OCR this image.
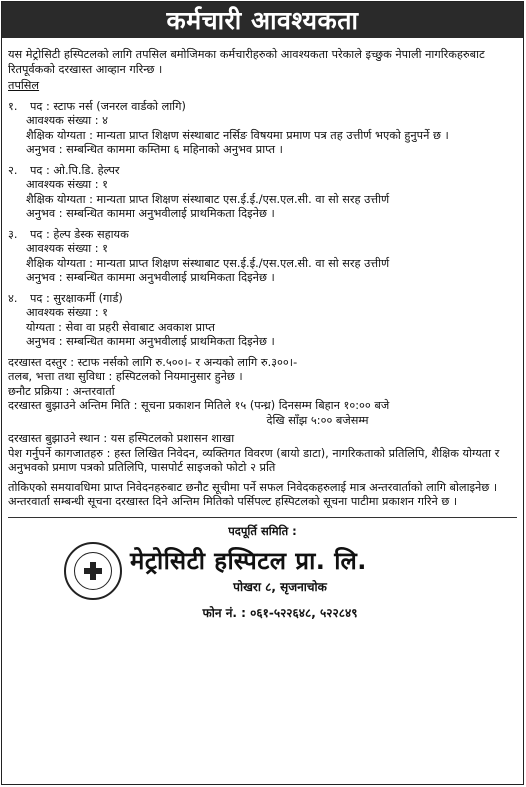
कर्मचारी आवश्यकता
यस मेट्रोसिटी हस्पिटलको लागि तपसिल बमोजिमका कर्मचारीहरुको आवश्यकता परेकाले इच्छुक नेपाली नागरिकहरुबाट रितपूर्वकको दरखास्त आव्हान गरिन्छ ।
तपसिल
१.	पद : स्टाफ नर्स (जनरल वार्डको लागि)
आवश्यक संख्या :
४
शैक्षिक योग्यता :
मान्यता प्राप्त शिक्षण संस्थाबाट नर्सिङ विषयमा प्रमाण पत्र तह उत्तीर्ण भएको हुनुपर्ने छ ।
अनुभव :
सम्बन्धित काममा कम्तिमा ६ महिनाको अनुभव प्राप्त ।
२.	पद : ओ.पि.डि. हेल्पर
आवश्यक संख्या :
१
शैक्षिक योग्यता :
मान्यता प्राप्त शिक्षण संस्थाबाट एस.ई.ई./एस.एल.सी. वा सो सरह उत्तीर्ण
अनुभव :
सम्बन्धित काममा अनुभवीलाई प्राथमिकता दिइनेछ ।
३.	पद : हेल्प डेस्क सहायक
आवश्यक संख्या :
१
शैक्षिक योग्यता :
मान्यता प्राप्त शिक्षण संस्थाबाट एस.ई.ई./एस.एल.सी. वा सो सरह उत्तीर्ण
अनुभव :
सम्बन्धित काममा अनुभवीलाई प्राथमिकता दिइनेछ ।
४.	पद : सुरक्षाकर्मी (गार्ड)
आवश्यक संख्या :
१
योग्यता :
सेवा वा प्रहरी सेवाबाट अवकाश प्राप्त
अनुभव :
सम्बन्धित काममा अनुभवीलाई प्राथमिकता दिइनेछ ।
दरखास्त दस्तुर :
स्टाफ नर्सको लागि रु.५००।- र अन्यको लागि रु.३००।-
तलब, भत्ता तथा सुविधा :
हस्पिटलको नियमानुसार हुनेछ ।
छनौट प्रक्रिया :
अन्तरवार्ता
दरखास्त बुझाउने अन्तिम मिति :
सूचना प्रकाशन मितिले १५ (पन्ध्र) दिनसम्म बिहान १०:०० बजे
देखि साँझ ५:०० बजेसम्म
दरखास्त बुझाउने स्थान :
यस हस्पिटलको प्रशासन शाखा
पेश गर्नुपर्ने कागजातहरु : हस्त लिखित निवेदन, व्यक्तिगत विवरण (बायो डाटा), नागरिकताको प्रतिलिपि, शैक्षिक योग्यता र अनुभवको प्रमाण पत्रको प्रतिलिपि, पासपोर्ट साइजको फोटो २ प्रति
तोकिएको समयावधिमा प्राप्त निवेदनहरुबाट छनौट सूचीमा पर्ने सफल निवेदकहरुलाई मात्र अन्तरवार्ताको लागि बोलाइनेछ । अन्तरवार्ता सम्बन्धी सूचना दरखास्त दिने अन्तिम मितिको पर्सिपल्ट हस्पिटलको सूचना पाटीमा प्रकाशन गरिने छ ।
पदपूर्ति समिति :
मेट्रोसिटी हस्पिटल प्रा. लि.
पोखरा ८, सृजनाचोक
फोन नं. : ०६१-५२२६४८, ५२२८४९
